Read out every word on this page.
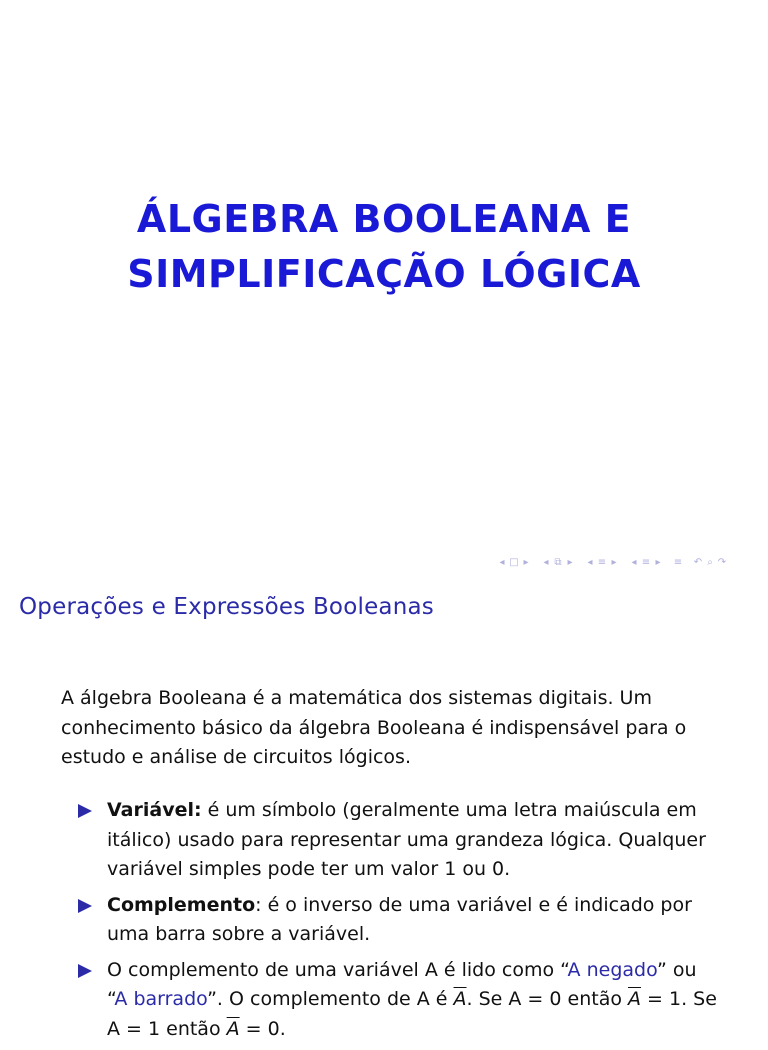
ÁLGEBRA BOOLEANA E
SIMPLIFICAÇÃO LÓGICA
◂ □ ▸	◂ ⧉ ▸	◂ ≡ ▸	◂ ≡ ▸	≡ ↶ ⌕ ↷
Operações e Expressões Booleanas

A álgebra Booleana é a matemática dos sistemas digitais. Um conhecimento básico da álgebra Booleana é indispensável para o estudo e análise de circuitos lógicos.

Variável: é um símbolo (geralmente uma letra maiúscula em itálico) usado para representar uma grandeza lógica. Qualquer variável simples pode ter um valor 1 ou 0.
Complemento: é o inverso de uma variável e é indicado por uma barra sobre a variável.
O complemento de uma variável A é lido como “A negado” ou “A barrado”. O complemento de A é $\overline{A}$. Se A = 0 então $\overline{A} = 1$. Se A = 1 então $\overline{A} = 0$.
